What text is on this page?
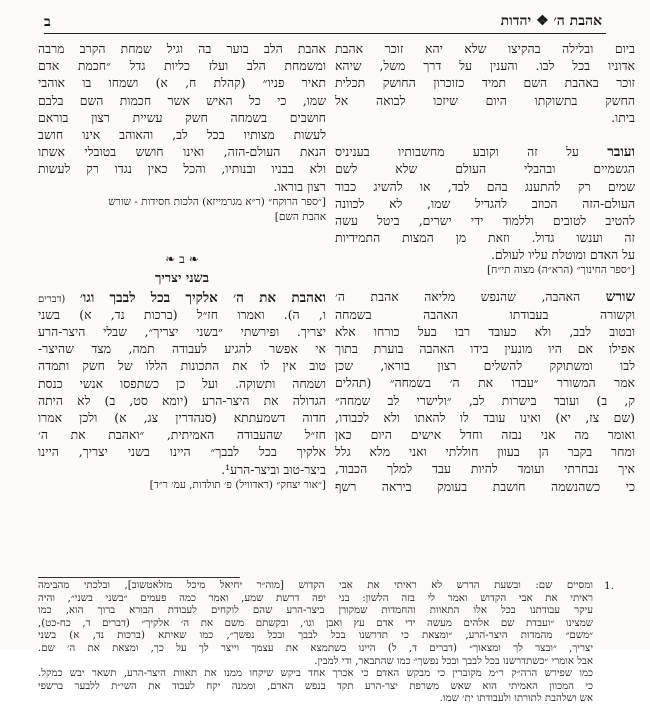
ב	אהבת ה׳ ❖ יהדות
ביום ובלילה בהקיצו שלא יהא זוכר אהבת
אדוניו בכל לבו. והענין על דרך משל, שיהא
זוכר באהבת השם תמיד כזוכרון החושק תכלית
החשק בתשוקתו היום שיזכו לבואה אל
ביתו.
ועובר על זה וקובע מחשבותיו בעניניס
הגשמיים ובהבלי העולם שלא לשם
שמים רק להתענג בהם לבד, או להשיג כבוד
העולם-הזה הכוזב להגדיל שמו, לא לכוונה
להטיב לטובים וללמוד ידי ישרים, ביטל עשה
זה וענשו גדול. וזאת מן המצות התמידיות
על האדם ומוטלת עליו לעולם.
[״ספר החינוך״ (הרא״ה) מצוה תי״ח]
שורש האהבה, שהנפש מליאה אהבת ה׳
וקשורה בעבודתו האהבה בשמחה
ובטוב לבב, ולא כעובד רבו בעל כורחו אלא
אפילו אם היו מונעין בידו האהבה בוערת בתוך
לבו ומשתוקק להשלים רצון בוראו, שכן
אמר המשורר ״עבדו את ה׳ בשמחה״ (תהלים
ק, ב) ועובד בישרות לב, ״ולישרי לב שמחה״
(שם צז, יא) ואינו עובד לו להאתו ולא לכבודו,
ואומר מה אני נבזה וחדל אישים היום כאן
ומחר בקבר הן בעוון חוללתי ואני מלא גלל
איך נבחרתי ועומד להיות עבד למלך הכבוד,
כי כשהנשמה חושבת בעומק ביראה רשף
אהבת הלב בוער בה וגיל שמחת הקרב מרבה
ומשמחת הלב ועלז כליות גדל ״חכמת אדם
תאיר פניו״ (קהלת ח, א) ושמחו בו אוהבי
שמו, כי כל האיש אשר חכמות השם בלבם
חושבים בשמחה חשק עשיית רצון בוראם
לעשות מצותיו בכל לב, והאוהב אינו חושב
הנאת העולם-הזה, ואינו חושש בטובלי אשתו
ולא בבניו ובנותיו, והכל כאין נגדו רק לעשות
רצון בוראו.
[״ספר הרוקח״ (ר״א מגרמייזא) הלכות חסידות - שורש
אהבת השם]
❧ ב ❧
בשני יצריך
ואהבת את ה׳ אלקיך בכל לבבך וגו׳ (דברים
ו, ה). ואמרו חז״ל (ברכות נד, א) בשני
יצריך. ופירשתי ״בשני יצריך״, שבלי היצר-הרע
אי אפשר להגיע לעבודה תמה, מצד שהיצר-
טוב אין לו את התכונות הללו של חשק ותמדה
ושמחה ותשוקה. ועל כן כשתפסו אנשי כנסת
הגדולה את היצר-הרע (יומא סט, ב) לא היתה
חדוה דשמעתתא (סנהדרין צג, א) ולכן אמרו
חז״ל שהעבודה האמיתית, ״ואהבת את ה׳
אלקיך בכל לבבך״ היינו בשני יצריך, היינו
ביצר-טוב וביצר-הרע¹.
[״אור יצחק״ (ראדוויל) פ׳ תולדות, עמ׳ ר״ד]
1.
ומסיים שם: ובשעת הדרש לא ראיתי את אבי הקדוש [מוה״ר יחיאל מיכל מזלאטשוב], ובלכתי מהבימה
ראיתי את אבי הקדוש ואמר לי בזה הלשון: בני יפה דרשת שמע, ואמר כמה פעמים ״בשני בשני״, והיה
עיקר עבודתנו בכל אלו התאוות והחמדות שמקורן ביצר-הרע שהם לוקחים לעבודת הבורא ברוך הוא, כמו
שמצינו ״ועבדת שם אלהים מעשה ידי אדם עץ ואבן וגו׳, ובקשתם משם את ה׳ אלקיך״ (דברים ד, כח-כט),
״משם״ מהמדות היצר-הרע, ״ומצאת כי תדרשנו בכל לבבך ובכל נפשך״, כמו שאיתא (ברכות נד, א) בשני
יצריך, ״ובצר לך ומצאוך״ (דברים ד, ל) היינו כשתמצא את עצמך וייצר לך על כך, ומצאת את ה׳ שם.
אבל אומרי ״כשתדרשנו בכל לבבך ובכל נפשך״ כמו שהתבאר, ודי למבין.
כמו שפירש הרה״ק ר״מ מקוברין כי מבקש האדם כי אכרך אחד ביקש שיקחו ממנו את תאוות היצר-הרע, תשאר יבש כמקל.
כי המכוון האמיתי הוא שאש משרפת יצר-הרע תקד בנפש האדם, וממנה יקח לעבוד את השי״ת ללבער ברשפי
אש ושלהבת לתורתו ולעבודתו ית׳ שמו.
